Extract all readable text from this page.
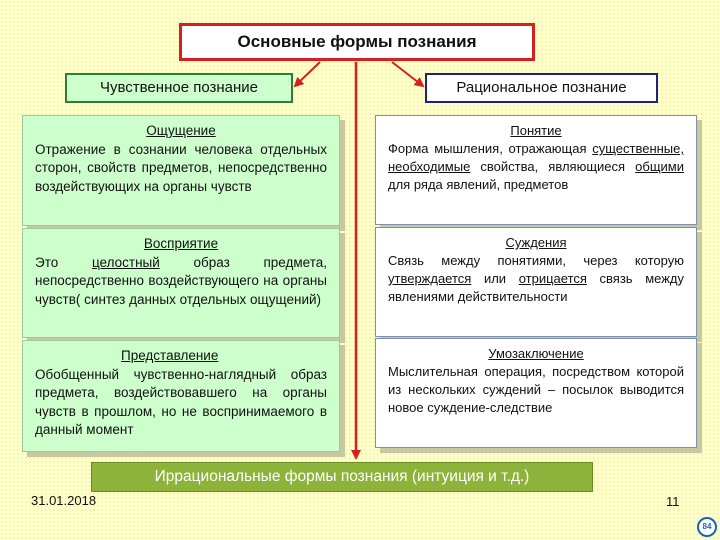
Основные формы познания
Чувственное познание	Рациональное познание
Ощущение
Отражение в сознании человека отдельных сторон, свойств предметов, непосредственно воздействующих на органы чувств
Восприятие
Это целостный образ предмета, непосредственно воздействующего на органы чувств( синтез данных отдельных ощущений)
Представление
Обобщенный чувственно-наглядный образ предмета, воздействовавшего на органы чувств в прошлом, но не воспринимаемого в данный момент
Понятие
Форма мышления, отражающая существенные, необходимые свойства, являющиеся общими для ряда явлений, предметов
Суждения
Связь между понятиями, через которую утверждается или отрицается связь между явлениями действительности
Умозаключение
Мыслительная операция, посредством которой из нескольких суждений – посылок выводится новое суждение-следствие
Иррациональные формы познания (интуиция и т.д.)
31.01.2018	11
84
